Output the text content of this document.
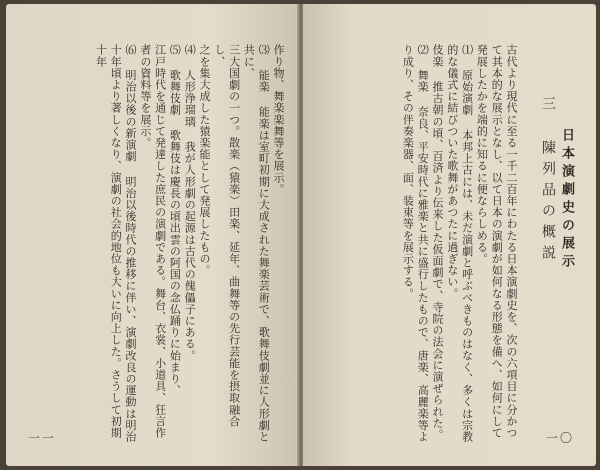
作り物、舞楽楽舞等を展示。
⑶ 能楽 能楽は室町初期に大成された舞楽芸術で、歌舞伎劇並に人形劇と共に、
三大国劇の一つ。散楽（猿楽）田楽、延年、曲舞等の先行芸能を摂取融合し、
之を集大成した猿楽能として発展したもの。
⑷ 人形浄瑠璃 我が人形劇の起源は古代の傀儡子にある。
⑸ 歌舞伎劇 歌舞伎は慶長の頃出雲の阿国の念仏踊りに始まり、
江戸時代を通じて発達した庶民の演劇である。舞台、衣裳、小道具、狂言作者の資料等を展示。
⑹ 明治以後の新演劇 明治以後時代の推移に伴い、演劇改良の運動は明治十年頃より著しくなり、演劇の社会的地位も大いに向上した。さうして初期十年
一一
三 陳列品の概説 日本演劇史の展示
古代より現代に至る一千二百年にわたる日本演劇史を、次の六項目に分かつて其本的な展示となし、以て日本の演劇が如何なる形態を備へ、如何にして発展したかを端的に知るに便ならしめる。
⑴ 原始演劇 本邦上古には、未だ演劇と呼ぶべきものはなく、多くは宗教的な儀式に結びついた歌舞があつたに過ぎない。
伎楽 推古朝の頃、百済より伝来した仮面劇で、寺院の法会に演ぜられた。
⑵ 舞楽 奈良、平安時代に雅楽と共に盛行したもので、唐楽、高麗楽等より成り、その伴奏楽器、面、装束等を展示する。
一〇
